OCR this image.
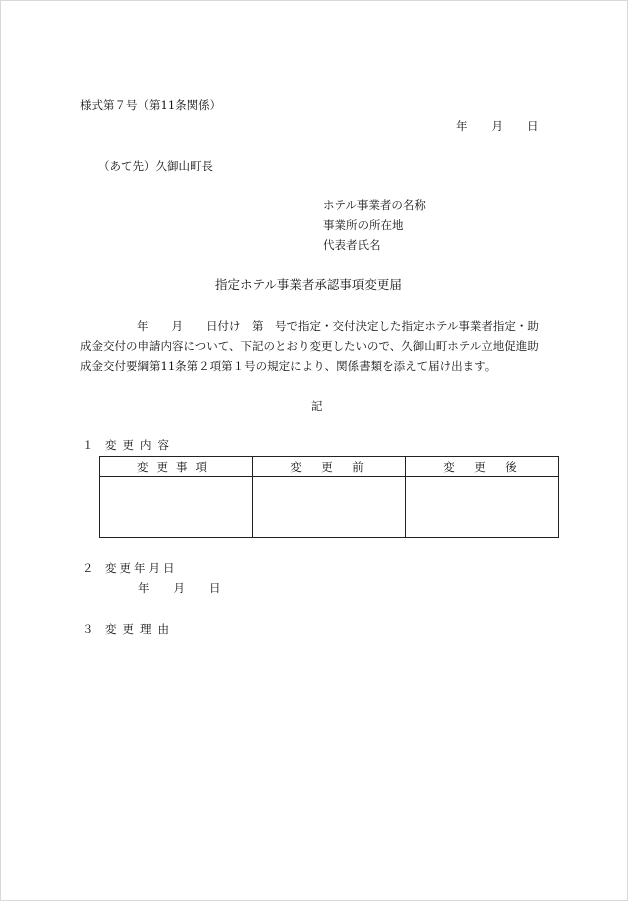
様式第７号（第11条関係）
年 月 日
（あて先）久御山町長
ホテル事業者の名称
事業所の所在地
代表者氏名
指定ホテル事業者承認事項変更届
年　　月　　日付け　第　号で指定・交付決定した指定ホテル事業者指定・助
成金交付の申請内容について、下記のとおり変更したいので、久御山町ホテル立地促進助
成金交付要綱第11条第２項第１号の規定により、関係書類を添えて届け出ます。
記
１ 変更内容
変更事項	変　更　前	変　更　後

２ 変更年月日
年 月 日
３ 変更理由
